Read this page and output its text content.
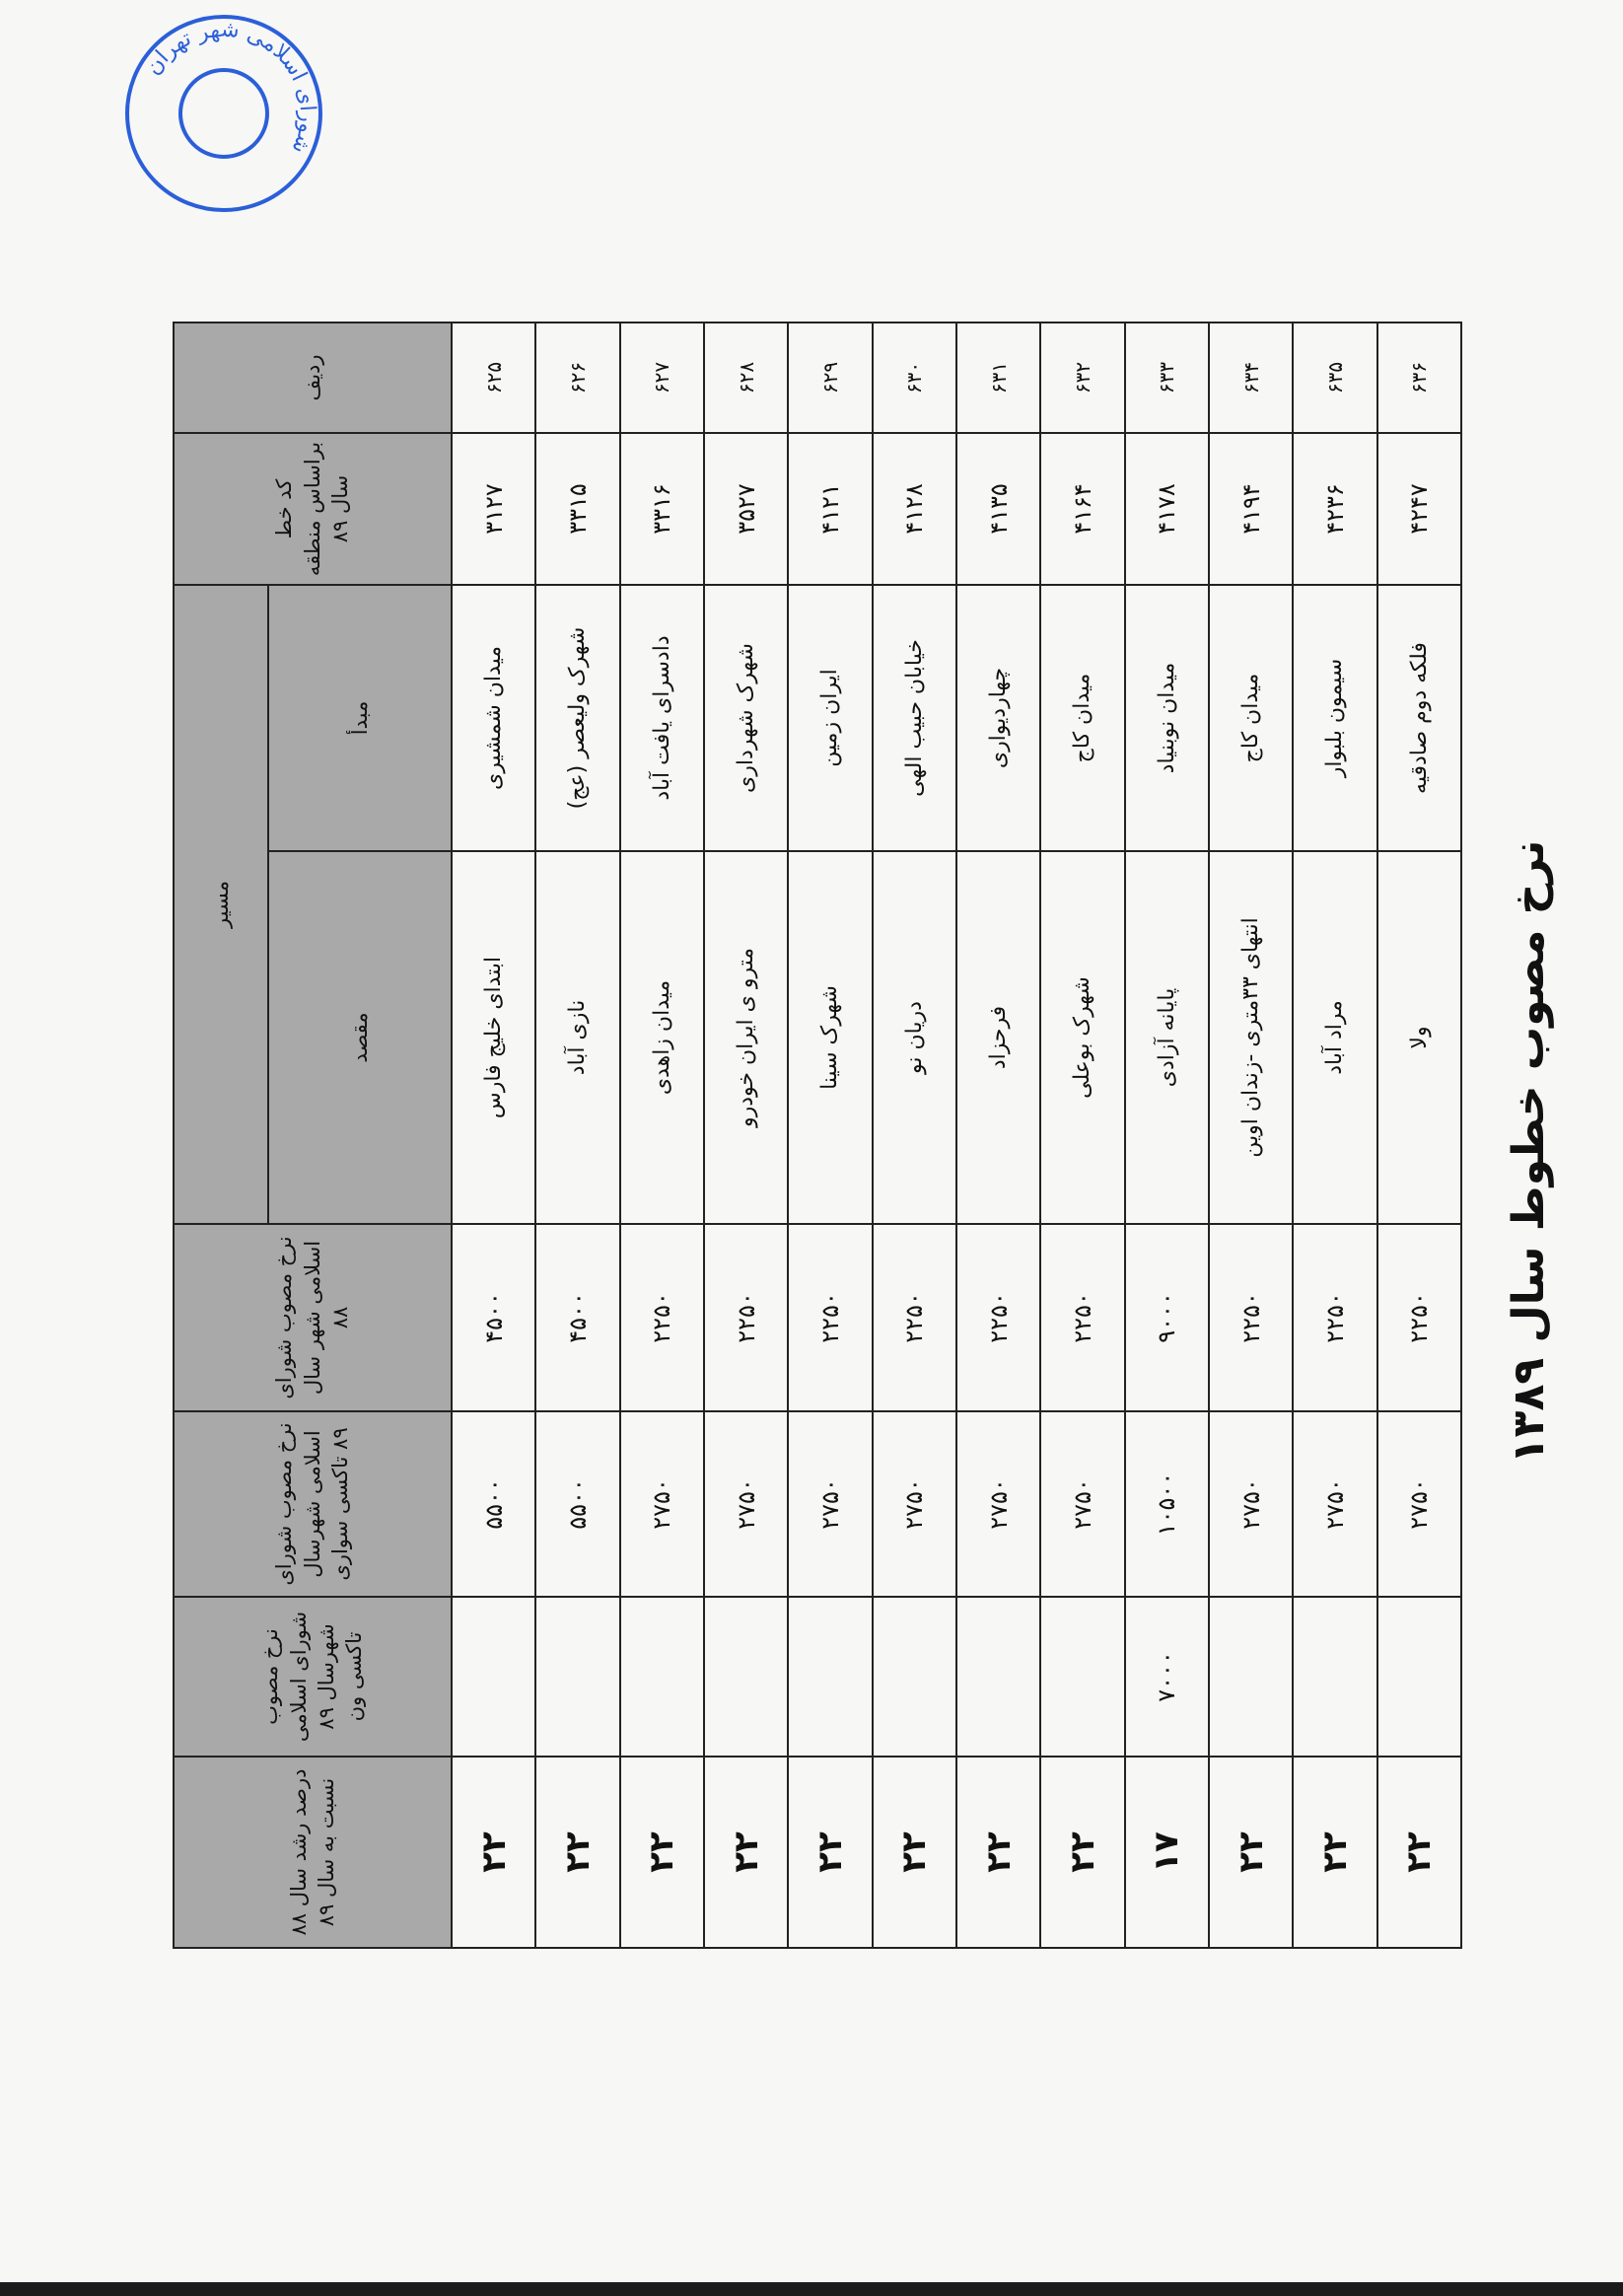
نرخ مصوب خطوط سال ۱۳۸۹
ردیف	کد خط براساس منطقه سال ۸۹	مسیر		نرخ مصوب شورای اسلامی شهر سال ۸۸	نرخ مصوب شورای اسلامی شهرسال ۸۹ تاکسی سواری	نرخ مصوب شورای اسلامی شهرسال ۸۹ تاکسی ون	درصد رشد سال ۸۸ نسبت به سال ۸۹
		مبدأ	مقصد				
۶۲۵	۳۱۲۷	میدان شمشیری	ابتدای خلیج فارس	۴۵۰۰	۵۵۰۰		۲۲
۶۲۶	۳۳۱۵	شهرک ولیعصر (عج)	نازی آباد	۴۵۰۰	۵۵۰۰		۲۲
۶۲۷	۳۳۱۶	دادسرای یافت آباد	میدان زاهدی	۲۲۵۰	۲۷۵۰		۲۲
۶۲۸	۳۵۲۷	شهرک شهرداری	مترو ی ایران خودرو	۲۲۵۰	۲۷۵۰		۲۲
۶۲۹	۴۱۲۱	ایران زمین	شهرک سینا	۲۲۵۰	۲۷۵۰		۲۲
۶۳۰	۴۱۲۸	خیابان حبیب الهی	دریان نو	۲۲۵۰	۲۷۵۰		۲۲
۶۳۱	۴۱۳۵	چهاردیواری	فرحزاد	۲۲۵۰	۲۷۵۰		۲۲
۶۳۲	۴۱۶۴	میدان کاج	شهرک بوعلی	۲۲۵۰	۲۷۵۰		۲۲
۶۳۳	۴۱۷۸	میدان نوبنیاد	پایانه آزادی	۹۰۰۰	۱۰۵۰۰	۷۰۰۰	۱۷
۶۳۴	۴۱۹۴	میدان کاج	انتهای ۳۳متری -زندان اوین	۲۲۵۰	۲۷۵۰		۲۲
۶۳۵	۴۲۳۶	سیمون بلبوار	مراد آباد	۲۲۵۰	۲۷۵۰		۲۲
۶۳۶	۴۲۴۷	فلکه دوم صادقیه	ولا	۲۲۵۰	۲۷۵۰		۲۲
شورای اسلامی شهر تهران
